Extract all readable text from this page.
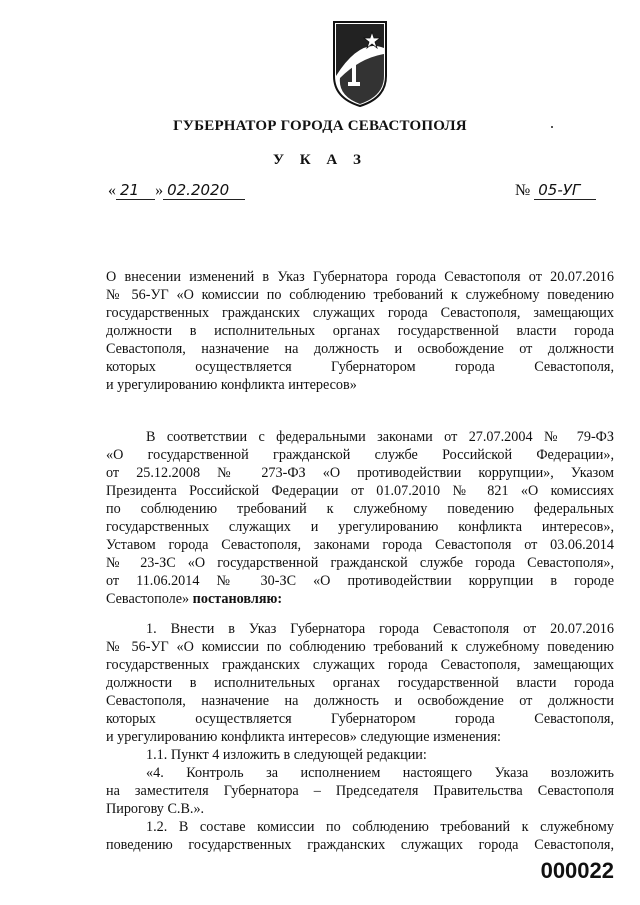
ГУБЕРНАТОР ГОРОДА СЕВАСТОПОЛЯ
У К А З
« 21 » 02.2020	№ 05-УГ
О внесении изменений в Указ Губернатора города Севастополя от 20.07.2016
№ 56-УГ «О комиссии по соблюдению требований к служебному поведению
государственных гражданских служащих города Севастополя, замещающих
должности в исполнительных органах государственной власти города
Севастополя, назначение на должность и освобождение от должности
которых осуществляется Губернатором города Севастополя,
и урегулированию конфликта интересов»
В соответствии с федеральными законами от 27.07.2004 № 79-ФЗ
«О государственной гражданской службе Российской Федерации»,
от 25.12.2008 № 273-ФЗ «О противодействии коррупции», Указом
Президента Российской Федерации от 01.07.2010 № 821 «О комиссиях
по соблюдению требований к служебному поведению федеральных
государственных служащих и урегулированию конфликта интересов»,
Уставом города Севастополя, законами города Севастополя от 03.06.2014
№ 23-ЗС «О государственной гражданской службе города Севастополя»,
от 11.06.2014 № 30-ЗС «О противодействии коррупции в городе
Севастополе» постановляю:
1. Внести в Указ Губернатора города Севастополя от 20.07.2016
№ 56-УГ «О комиссии по соблюдению требований к служебному поведению
государственных гражданских служащих города Севастополя, замещающих
должности в исполнительных органах государственной власти города
Севастополя, назначение на должность и освобождение от должности
которых осуществляется Губернатором города Севастополя,
и урегулированию конфликта интересов» следующие изменения:
1.1. Пункт 4 изложить в следующей редакции:
«4. Контроль за исполнением настоящего Указа возложить
на заместителя Губернатора – Председателя Правительства Севастополя
Пирогову С.В.».
1.2. В составе комиссии по соблюдению требований к служебному
поведению государственных гражданских служащих города Севастополя,
000022
